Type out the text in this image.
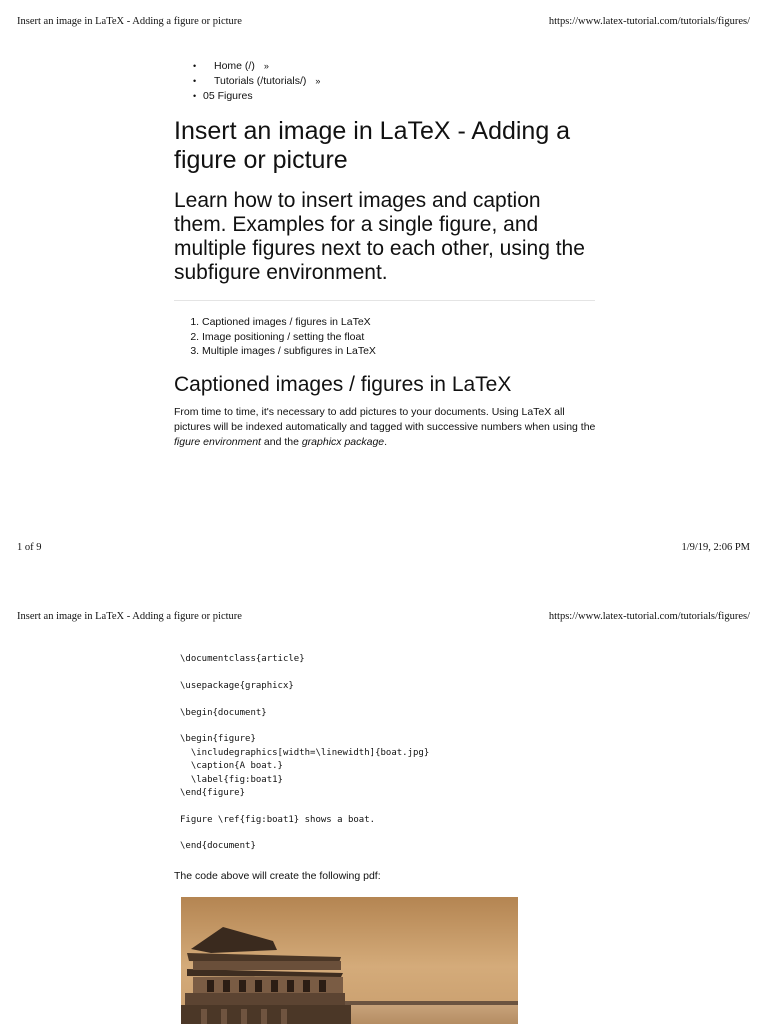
Insert an image in LaTeX - Adding a figure or picture	https://www.latex-tutorial.com/tutorials/figures/
• Home (/) »
• Tutorials (/tutorials/) »
• 05 Figures
Insert an image in LaTeX - Adding a figure or picture

Learn how to insert images and caption them. Examples for a single figure, and multiple figures next to each other, using the subfigure environment.

1. Captioned images / figures in LaTeX
2. Image positioning / setting the float
3. Multiple images / subfigures in LaTeX
Captioned images / figures in LaTeX

From time to time, it's necessary to add pictures to your documents. Using LaTeX all pictures will be indexed automatically and tagged with successive numbers when using the figure environment and the graphicx package.

1 of 9	1/9/19, 2:06 PM
Insert an image in LaTeX - Adding a figure or picture	https://www.latex-tutorial.com/tutorials/figures/
\documentclass{article}
\usepackage{graphicx}
\begin{document}
\begin{figure}
\includegraphics[width=\linewidth]{boat.jpg}
\caption{A boat.}
\label{fig:boat1}
\end{figure}
Figure \ref{fig:boat1} shows a boat.
\end{document}

The code above will create the following pdf:
